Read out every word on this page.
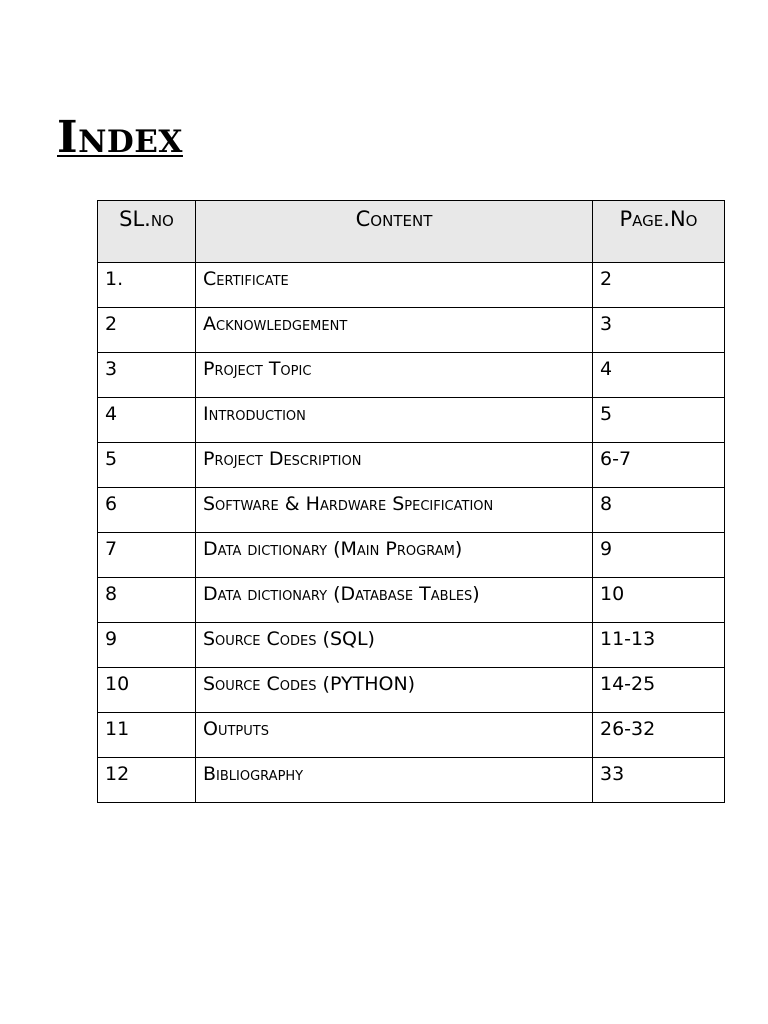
Index
SL.no	Content	Page.No
1.	Certificate	2
2	Acknowledgement	3
3	Project Topic	4
4	Introduction	5
5	Project Description	6-7
6	Software & Hardware Specification	8
7	Data dictionary (Main Program)	9
8	Data dictionary (Database Tables)	10
9	Source Codes (SQL)	11-13
10	Source Codes (PYTHON)	14-25
11	Outputs	26-32
12	Bibliography	33
